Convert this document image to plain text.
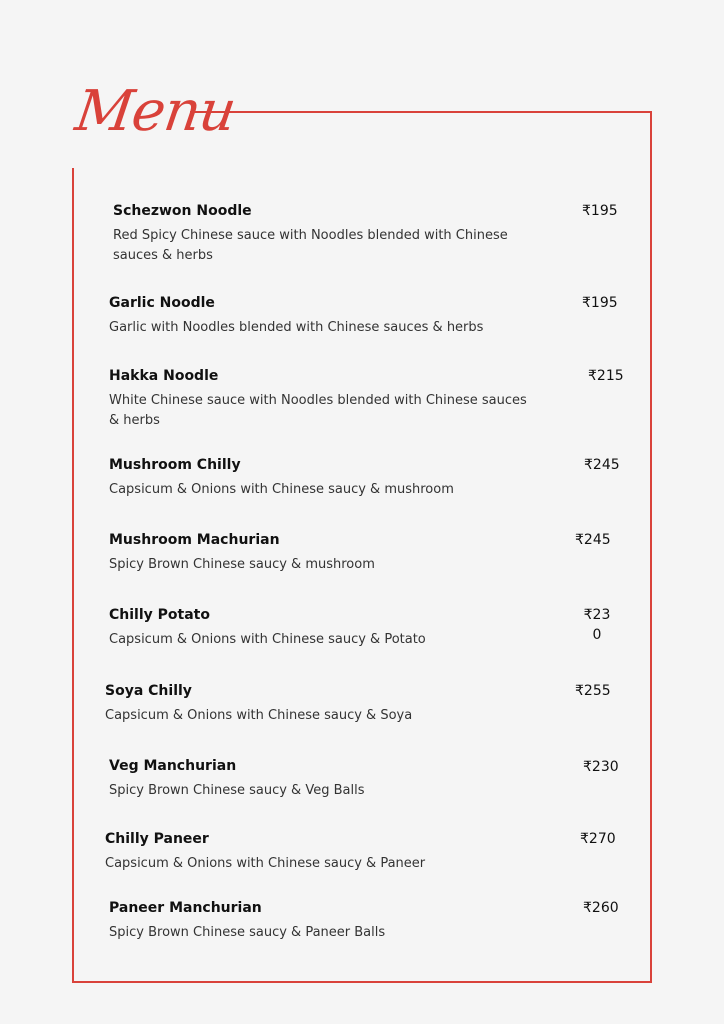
Menu
Schezwon Noodle
Red Spicy Chinese sauce with Noodles blended with Chinese sauces & herbs
₹195
Garlic Noodle
Garlic with Noodles blended with Chinese sauces & herbs
₹195
Hakka Noodle
White Chinese sauce with Noodles blended with Chinese sauces & herbs
₹215
Mushroom Chilly
Capsicum & Onions with Chinese saucy & mushroom
₹245
Mushroom Machurian
Spicy Brown Chinese saucy & mushroom
₹245
Chilly Potato
Capsicum & Onions with Chinese saucy & Potato
₹23
0
Soya Chilly
Capsicum & Onions with Chinese saucy & Soya
₹255
Veg Manchurian
Spicy Brown Chinese saucy & Veg Balls
₹230
Chilly Paneer
Capsicum & Onions with Chinese saucy & Paneer
₹270
Paneer Manchurian
Spicy Brown Chinese saucy & Paneer Balls
₹260
